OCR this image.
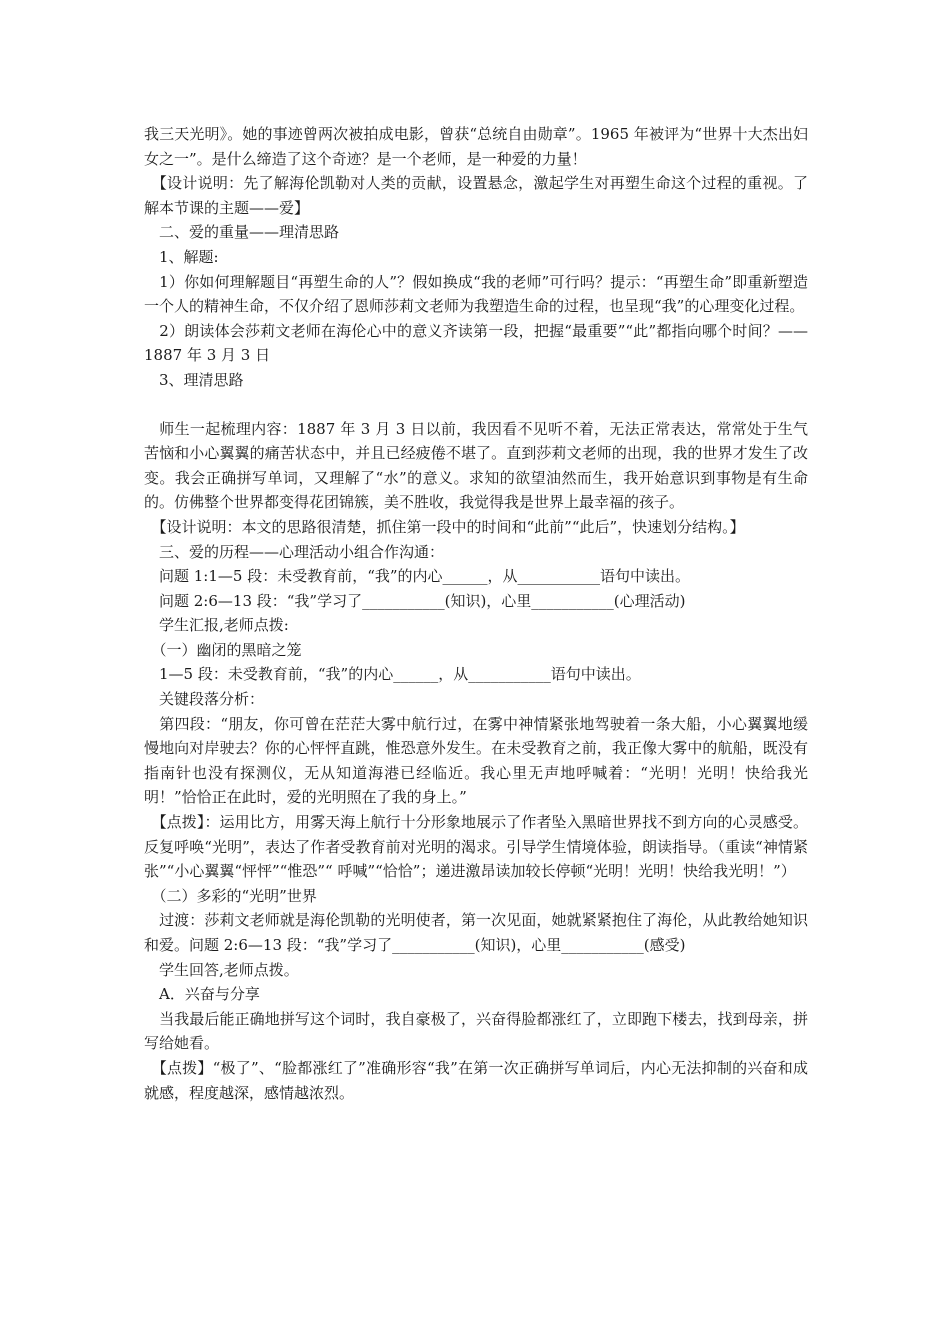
我三天光明》。她的事迹曾两次被拍成电影，曾获“总统自由勋章”。1965 年被评为“世界十大杰出妇女之一”。是什么缔造了这个奇迹？是一个老师，是一种爱的力量！

　【设计说明：先了解海伦凯勒对人类的贡献，设置悬念，激起学生对再塑生命这个过程的重视。了解本节课的主题——爱】

　二、爱的重量——理清思路

　1、解题:

　1）你如何理解题目“再塑生命的人”？假如换成“我的老师”可行吗？提示：“再塑生命”即重新塑造一个人的精神生命，不仅介绍了恩师莎莉文老师为我塑造生命的过程，也呈现“我”的心理变化过程。

　2）朗读体会莎莉文老师在海伦心中的意义齐读第一段，把握“最重要”“此”都指向哪个时间？——1887 年 3 月 3 日

　3、理清思路

　师生一起梳理内容：1887 年 3 月 3 日以前，我因看不见听不着，无法正常表达，常常处于生气苦恼和小心翼翼的痛苦状态中，并且已经疲倦不堪了。直到莎莉文老师的出现，我的世界才发生了改变。我会正确拼写单词，又理解了“水”的意义。求知的欲望油然而生，我开始意识到事物是有生命的。仿佛整个世界都变得花团锦簇，美不胜收，我觉得我是世界上最幸福的孩子。

　【设计说明：本文的思路很清楚，抓住第一段中的时间和“此前”“此后”，快速划分结构。】

　三、爱的历程——心理活动小组合作沟通：

　问题 1:1—5 段：未受教育前，“我”的内心______，从___________语句中读出。

　问题 2:6—13 段：“我”学习了___________(知识)，心里___________(心理活动)

　学生汇报,老师点拨:

　（一）幽闭的黑暗之笼

　1—5 段：未受教育前，“我”的内心______，从___________语句中读出。

　关键段落分析：

　第四段：“朋友，你可曾在茫茫大雾中航行过，在雾中神情紧张地驾驶着一条大船，小心翼翼地缓慢地向对岸驶去？你的心怦怦直跳，惟恐意外发生。在未受教育之前，我正像大雾中的航船，既没有指南针也没有探测仪，无从知道海港已经临近。我心里无声地呼喊着：“光明！光明！快给我光明！”恰恰正在此时，爱的光明照在了我的身上。”

　【点拨】：运用比方，用雾天海上航行十分形象地展示了作者坠入黑暗世界找不到方向的心灵感受。反复呼唤“光明”，表达了作者受教育前对光明的渴求。引导学生情境体验，朗读指导。（重读“神情紧张”“小心翼翼“怦怦”“惟恐”“ 呼喊”“恰恰”；递进激昂读加较长停顿“光明！光明！快给我光明！”）

　（二）多彩的“光明”世界

　过渡：莎莉文老师就是海伦凯勒的光明使者，第一次见面，她就紧紧抱住了海伦，从此教给她知识和爱。问题 2:6—13 段：“我”学习了___________(知识)，心里___________(感受)

　学生回答,老师点拨。

　A．兴奋与分享

　当我最后能正确地拼写这个词时，我自豪极了，兴奋得脸都涨红了，立即跑下楼去，找到母亲，拼写给她看。

　【点拨】“极了”、“脸都涨红了”准确形容“我”在第一次正确拼写单词后，内心无法抑制的兴奋和成就感，程度越深，感情越浓烈。
